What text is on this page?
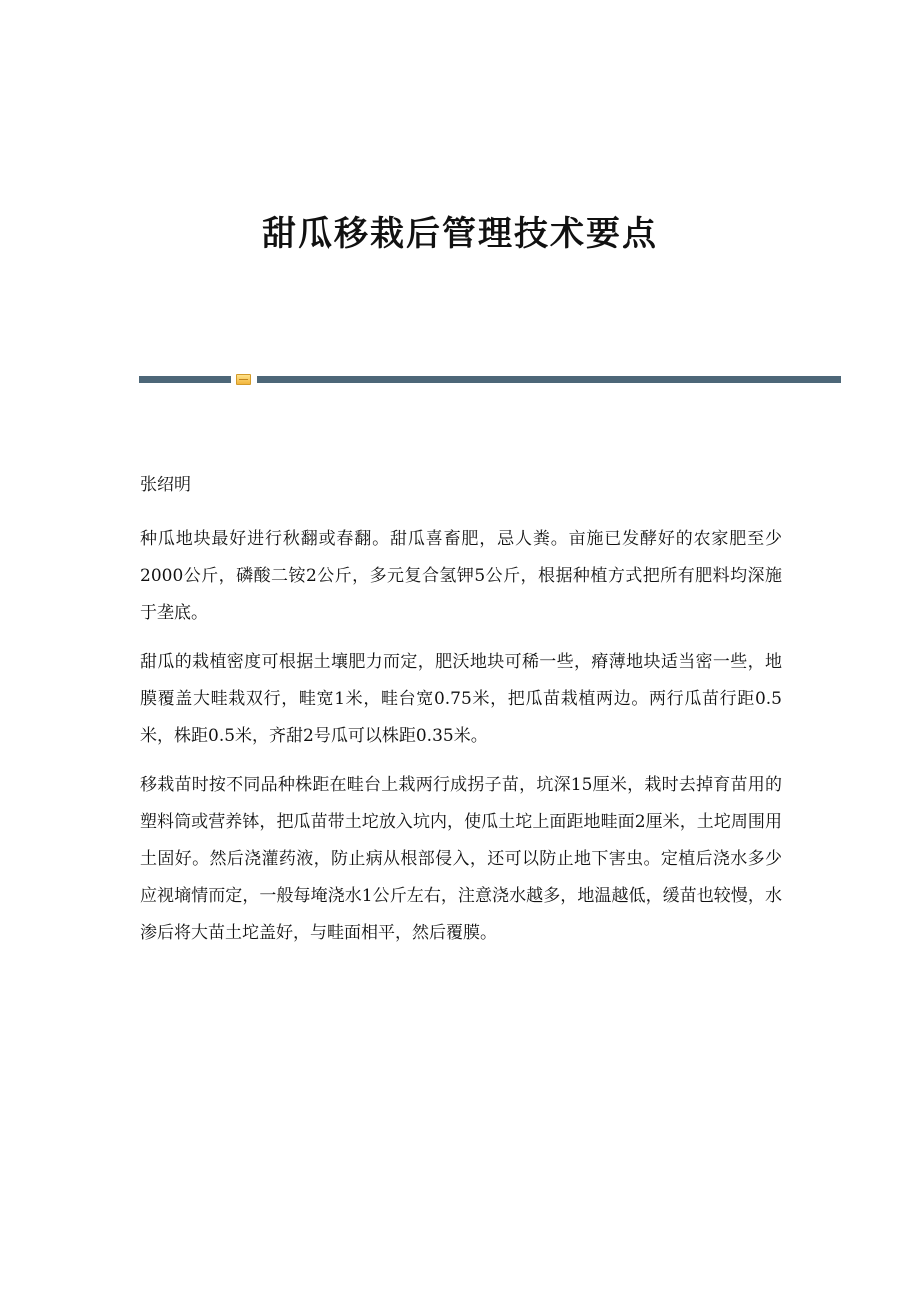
甜瓜移栽后管理技术要点

张绍明

种瓜地块最好进行秋翻或春翻。甜瓜喜畜肥，忌人粪。亩施已发酵好的农家肥至少2000公斤，磷酸二铵2公斤，多元复合氢钾5公斤，根据种植方式把所有肥料均深施于垄底。

甜瓜的栽植密度可根据土壤肥力而定，肥沃地块可稀一些，瘠薄地块适当密一些，地膜覆盖大畦栽双行，畦宽1米，畦台宽0.75米，把瓜苗栽植两边。两行瓜苗行距0.5米，株距0.5米，齐甜2号瓜可以株距0.35米。

移栽苗时按不同品种株距在畦台上栽两行成拐子苗，坑深15厘米，栽时去掉育苗用的塑料筒或营养钵，把瓜苗带土坨放入坑内，使瓜土坨上面距地畦面2厘米，土坨周围用土固好。然后浇灌药液，防止病从根部侵入，还可以防止地下害虫。定植后浇水多少应视墒情而定，一般每埯浇水1公斤左右，注意浇水越多，地温越低，缓苗也较慢，水渗后将大苗土坨盖好，与畦面相平，然后覆膜。
